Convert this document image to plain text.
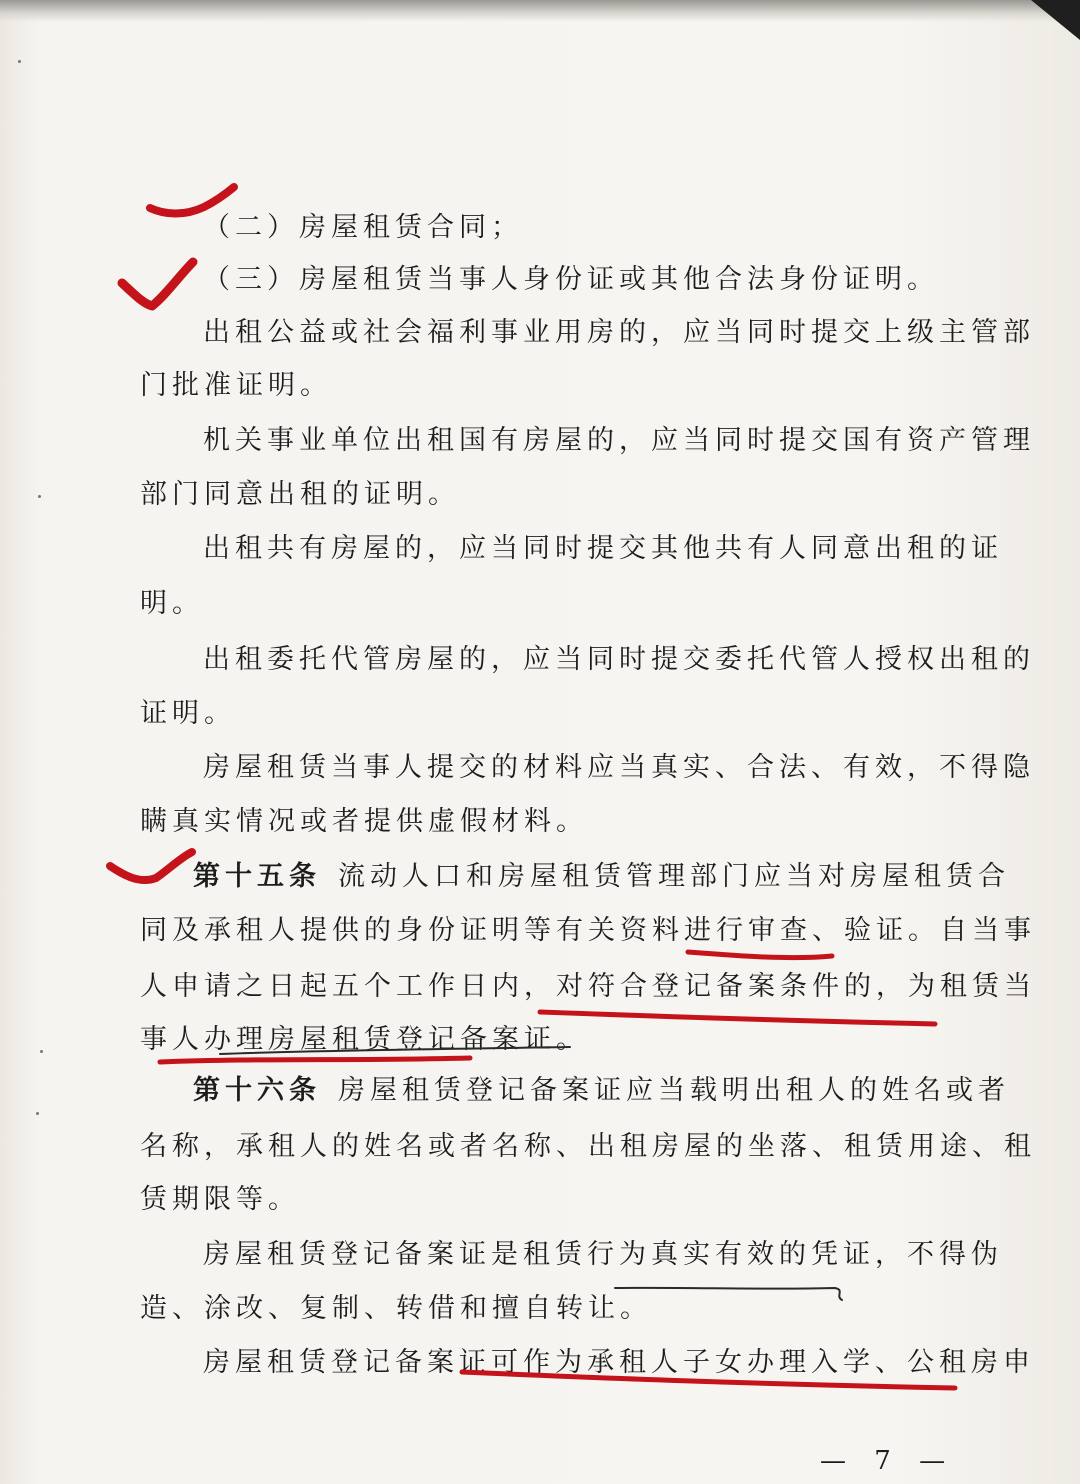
（二）房屋租赁合同；
（三）房屋租赁当事人身份证或其他合法身份证明。
出租公益或社会福利事业用房的，应当同时提交上级主管部
门批准证明。
机关事业单位出租国有房屋的，应当同时提交国有资产管理
部门同意出租的证明。
出租共有房屋的，应当同时提交其他共有人同意出租的证
明。
出租委托代管房屋的，应当同时提交委托代管人授权出租的
证明。
房屋租赁当事人提交的材料应当真实、合法、有效，不得隐
瞒真实情况或者提供虚假材料。
第十五条 流动人口和房屋租赁管理部门应当对房屋租赁合
同及承租人提供的身份证明等有关资料进行审查、验证。自当事
人申请之日起五个工作日内，对符合登记备案条件的，为租赁当
事人办理房屋租赁登记备案证。
第十六条 房屋租赁登记备案证应当载明出租人的姓名或者
名称，承租人的姓名或者名称、出租房屋的坐落、租赁用途、租
赁期限等。
房屋租赁登记备案证是租赁行为真实有效的凭证，不得伪
造、涂改、复制、转借和擅自转让。
房屋租赁登记备案证可作为承租人子女办理入学、公租房申
— 7 —
